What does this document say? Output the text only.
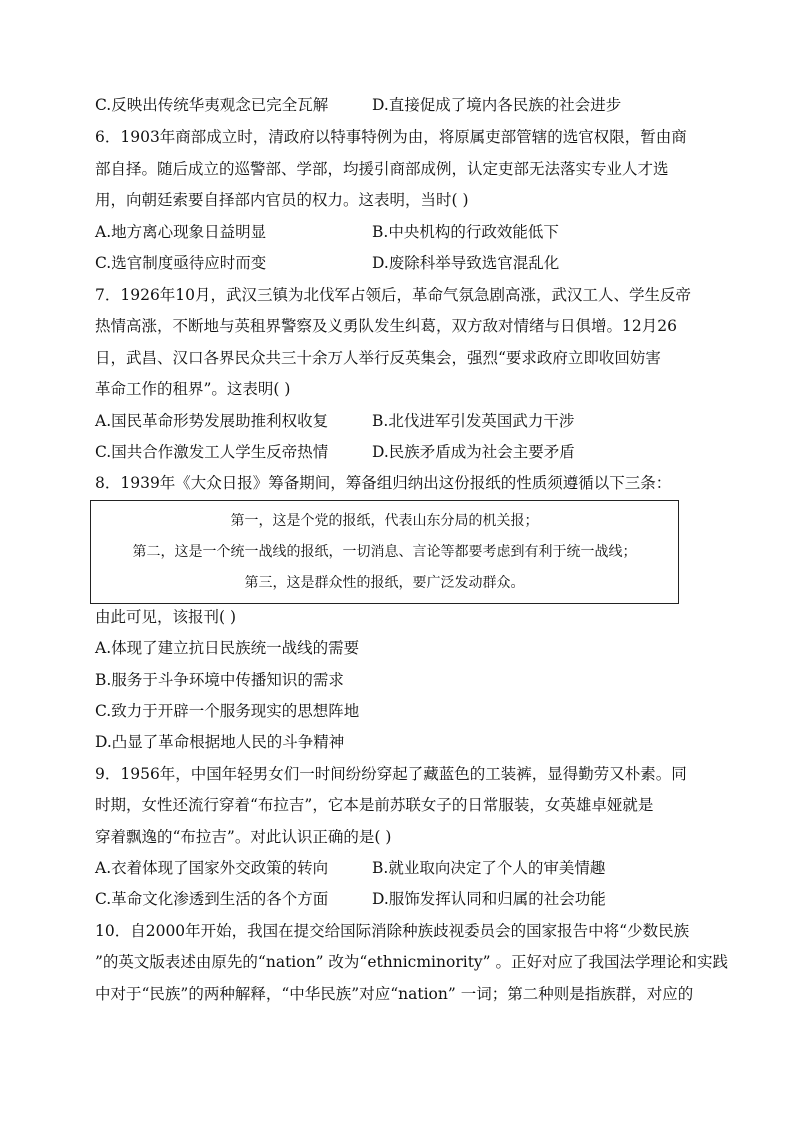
C.反映出传统华夷观念已完全瓦解	D.直接促成了境内各民族的社会进步
6．1903年商部成立时，清政府以特事特例为由，将原属吏部管辖的选官权限，暂由商
部自择。随后成立的巡警部、学部，均援引商部成例，认定吏部无法落实专业人才选
用，向朝廷索要自择部内官员的权力。这表明，当时( )
A.地方离心现象日益明显	B.中央机构的行政效能低下
C.选官制度亟待应时而变	D.废除科举导致选官混乱化
7．1926年10月，武汉三镇为北伐军占领后，革命气氛急剧高涨，武汉工人、学生反帝
热情高涨，不断地与英租界警察及义勇队发生纠葛，双方敌对情绪与日俱增。12月26
日，武昌、汉口各界民众共三十余万人举行反英集会，强烈“要求政府立即收回妨害
革命工作的租界”。这表明( )
A.国民革命形势发展助推利权收复	B.北伐进军引发英国武力干涉
C.国共合作激发工人学生反帝热情	D.民族矛盾成为社会主要矛盾
8．1939年《大众日报》筹备期间，筹备组归纳出这份报纸的性质须遵循以下三条：
第一，这是个党的报纸，代表山东分局的机关报；
第二，这是一个统一战线的报纸，一切消息、言论等都要考虑到有利于统一战线；
第三，这是群众性的报纸，要广泛发动群众。
由此可见，该报刊( )
A.体现了建立抗日民族统一战线的需要
B.服务于斗争环境中传播知识的需求
C.致力于开辟一个服务现实的思想阵地
D.凸显了革命根据地人民的斗争精神
9．1956年，中国年轻男女们一时间纷纷穿起了藏蓝色的工装裤，显得勤劳又朴素。同
时期，女性还流行穿着“布拉吉”，它本是前苏联女子的日常服装，女英雄卓娅就是
穿着飘逸的“布拉吉”。对此认识正确的是( )
A.衣着体现了国家外交政策的转向	B.就业取向决定了个人的审美情趣
C.革命文化渗透到生活的各个方面	D.服饰发挥认同和归属的社会功能
10．自2000年开始，我国在提交给国际消除种族歧视委员会的国家报告中将“少数民族
”的英文版表述由原先的“nation” 改为“ethnicminority” 。正好对应了我国法学理论和实践
中对于“民族”的两种解释，“中华民族”对应“nation” 一词；第二种则是指族群，对应的
